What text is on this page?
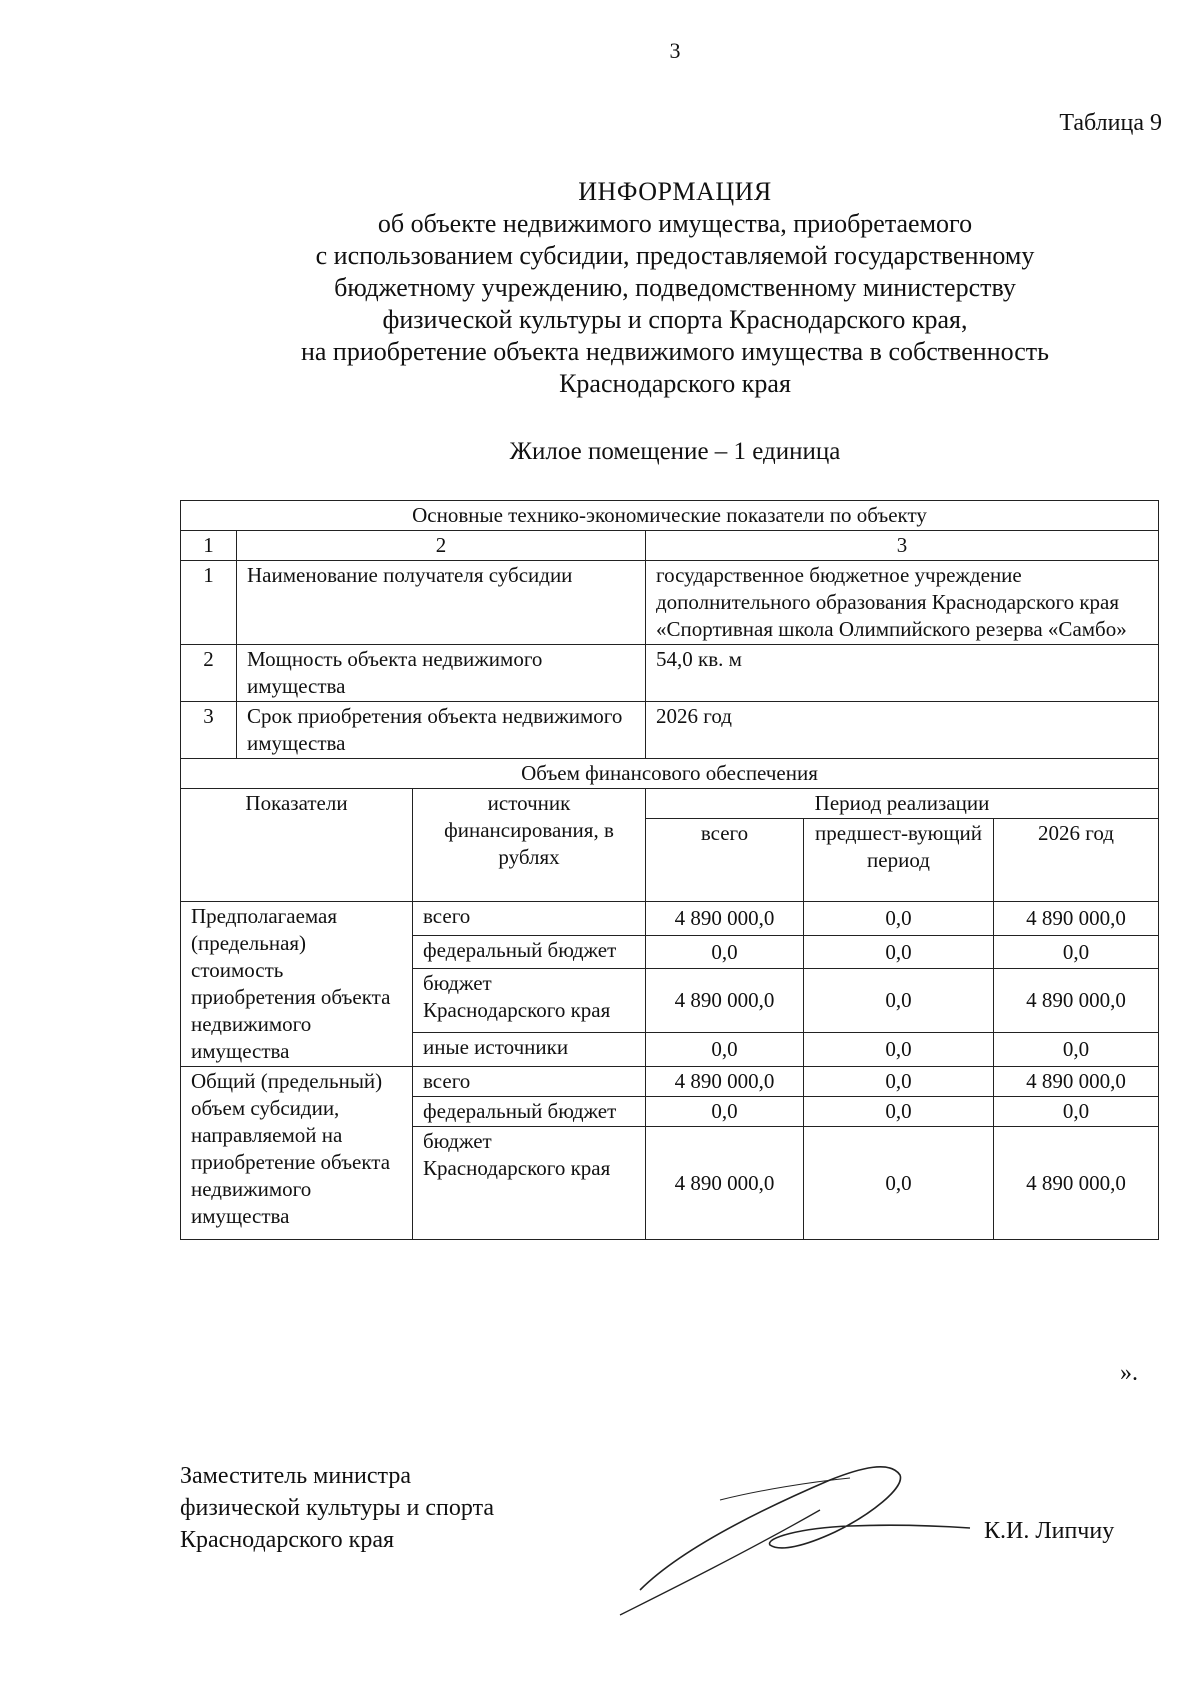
3
Таблица 9
ИНФОРМАЦИЯ
об объекте недвижимого имущества, приобретаемого
с использованием субсидии, предоставляемой государственному
бюджетному учреждению, подведомственному министерству
физической культуры и спорта Краснодарского края,
на приобретение объекта недвижимого имущества в собственность
Краснодарского края
Жилое помещение – 1 единица
Основные технико-экономические показатели по объекту					
1	2		3		
1	Наименование получателя субсидии		государственное бюджетное учреждение дополнительного образования Краснодарского края «Спортивная школа Олимпийского резерва «Самбо»		
2	Мощность объекта недвижимого имущества		54,0 кв. м		
3	Срок приобретения объекта недвижимого имущества		2026 год		
Объем финансового обеспечения					
Показатели		источник финансирования, в рублях	Период реализации		
			всего	предшест-вующий период	2026 год
Предполагаемая (предельная) стоимость приобретения объекта недвижимого имущества		всего	4 890 000,0	0,0	4 890 000,0
		федеральный бюджет	0,0	0,0	0,0
		бюджет Краснодарского края	4 890 000,0	0,0	4 890 000,0
		иные источники	0,0	0,0	0,0
Общий (предельный) объем субсидии, направляемой на приобретение объекта недвижимого имущества		всего	4 890 000,0	0,0	4 890 000,0
		федеральный бюджет	0,0	0,0	0,0
		бюджет Краснодарского края	4 890 000,0	0,0	4 890 000,0
».
Заместитель министра
физической культуры и спорта
Краснодарского края	К.И. Липчиу
